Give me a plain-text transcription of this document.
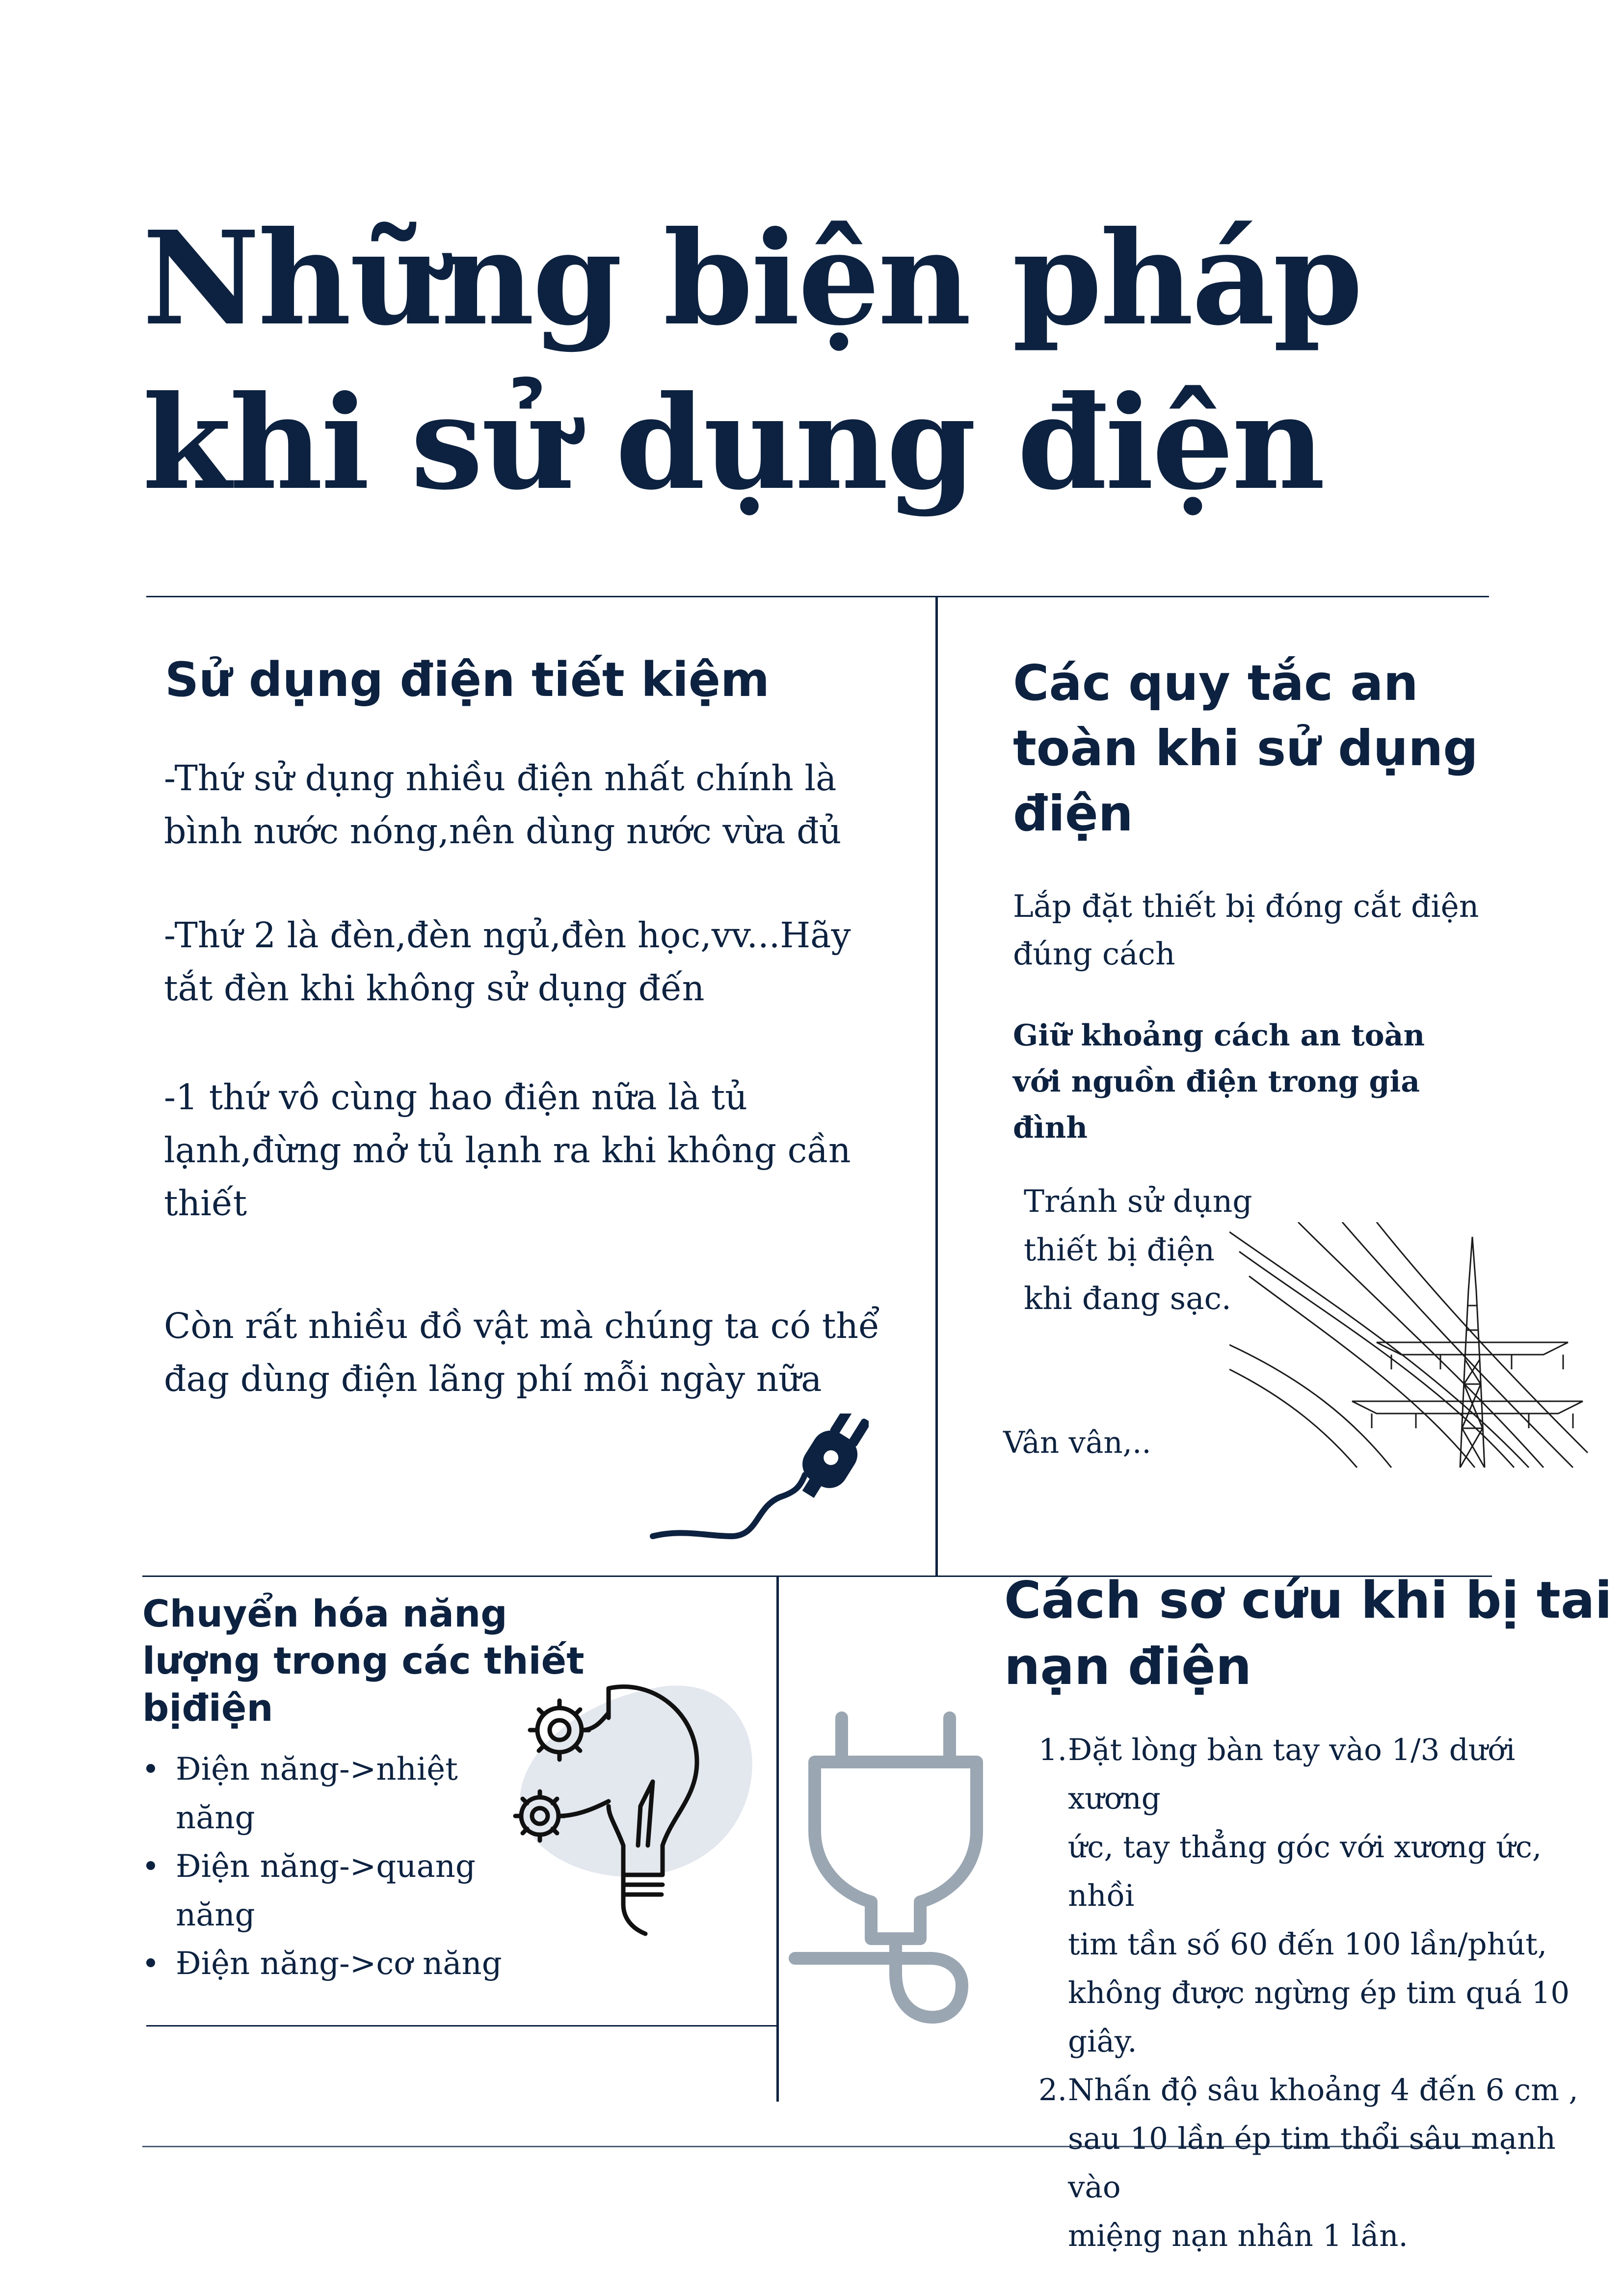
Những biện pháp
khi sử dụng điện
Sử dụng điện tiết kiệm
-Thứ sử dụng nhiều điện nhất chính là
bình nước nóng,nên dùng nước vừa đủ
-Thứ 2 là đèn,đèn ngủ,đèn học,vv...Hãy
tắt đèn khi không sử dụng đến
-1 thứ vô cùng hao điện nữa là tủ
lạnh,đừng mở tủ lạnh ra khi không cần
thiết
Còn rất nhiều đồ vật mà chúng ta có thể
đag dùng điện lãng phí mỗi ngày nữa
Các quy tắc an
toàn khi sử dụng
điện
Lắp đặt thiết bị đóng cắt điện
đúng cách
Giữ khoảng cách an toàn
với nguồn điện trong gia
đình
Tránh sử dụng
thiết bị điện
khi đang sạc.
Vân vân,..
Chuyển hóa năng
lượng trong các thiết
bịđiện
Điện năng->nhiệt
năng
Điện năng->quang
năng
Điện năng->cơ năng
Cách sơ cứu khi bị tai
nạn điện
1. Đặt lòng bàn tay vào 1/3 dưới xương
ức, tay thẳng góc với xương ức, nhồi
tim tần số 60 đến 100 lần/phút,
không được ngừng ép tim quá 10
giây.
2. Nhấn độ sâu khoảng 4 đến 6 cm ,
sau 10 lần ép tim thổi sâu mạnh vào
miệng nạn nhân 1 lần.
